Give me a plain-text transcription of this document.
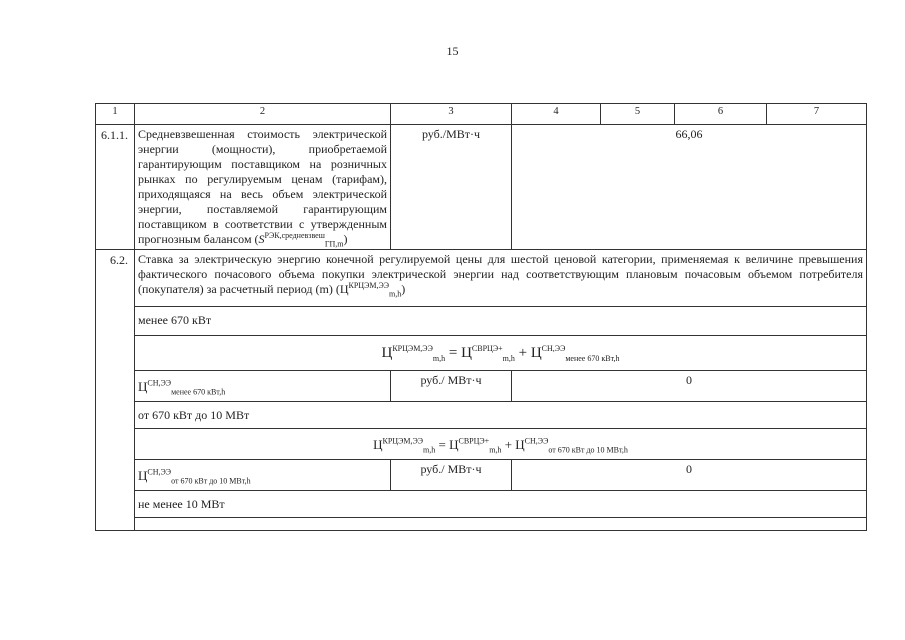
15
1	2	3	4	5	6	7
6.1.1.	Средневзвешенная стоимость электрической энергии (мощности), приобретаемой гарантирующим поставщиком на розничных рынках по регулируемым ценам (тарифам), приходящаяся на весь объем электрической энергии, поставляемой гарантирующим поставщиком в соответствии с утвержденным прогнозным балансом $(S^{РЭК,средневзвеш}_{ГП,m})$	руб./МВт·ч	66,06			
6.2.	Ставка за электрическую энергию конечной регулируемой цены для шестой ценовой категории, применяемая к величине превышения фактического почасового объема покупки электрической энергии над соответствующим плановым почасовым объемом потребителя (покупателя) за расчетный период (m) $(Ц^{КРЦЭМ,ЭЭ}_{m,h})$					
	менее 670 кВт					
	$Ц^{КРЦЭМ,ЭЭ}_{m,h} = Ц^{СВРЦЭ+}_{m,h} + Ц^{СН,ЭЭ}_{менее 670 кВт,h}$
	$Ц^{СН,ЭЭ}_{менее 670 кВт,h}$	руб./ МВт·ч	0			
	от 670 кВт до 10 МВт					
	$Ц^{КРЦЭМ,ЭЭ}_{m,h} = Ц^{СВРЦЭ+}_{m,h} + Ц^{СН,ЭЭ}_{от 670 кВт до 10 МВт,h}$
	$Ц^{СН,ЭЭ}_{от 670 кВт до 10 МВт,h}$	руб./ МВт·ч	0			
	не менее 10 МВт					
